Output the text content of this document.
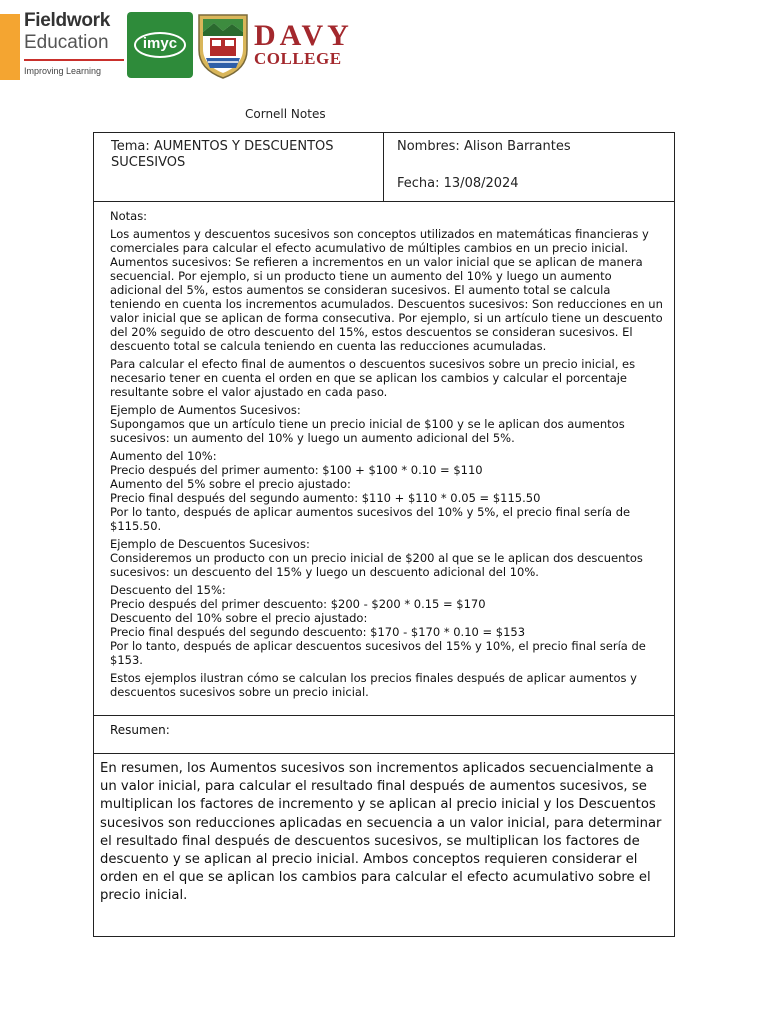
Fieldwork
Education
Improving Learning
imyc	DAVY
COLLEGE
Cornell Notes
Tema: AUMENTOS Y DESCUENTOS SUCESIVOS
Nombres: Alison Barrantes
Fecha: 13/08/2024
Notas:

Los aumentos y descuentos sucesivos son conceptos utilizados en matemáticas financieras y comerciales para calcular el efecto acumulativo de múltiples cambios en un precio inicial. Aumentos sucesivos: Se refieren a incrementos en un valor inicial que se aplican de manera secuencial. Por ejemplo, si un producto tiene un aumento del 10% y luego un aumento adicional del 5%, estos aumentos se consideran sucesivos. El aumento total se calcula teniendo en cuenta los incrementos acumulados. Descuentos sucesivos: Son reducciones en un valor inicial que se aplican de forma consecutiva. Por ejemplo, si un artículo tiene un descuento del 20% seguido de otro descuento del 15%, estos descuentos se consideran sucesivos. El descuento total se calcula teniendo en cuenta las reducciones acumuladas.

Para calcular el efecto final de aumentos o descuentos sucesivos sobre un precio inicial, es necesario tener en cuenta el orden en que se aplican los cambios y calcular el porcentaje resultante sobre el valor ajustado en cada paso.

Ejemplo de Aumentos Sucesivos:
Supongamos que un artículo tiene un precio inicial de $100 y se le aplican dos aumentos sucesivos: un aumento del 10% y luego un aumento adicional del 5%.

Aumento del 10%:
Precio después del primer aumento: $100 + $100 * 0.10 = $110
Aumento del 5% sobre el precio ajustado:
Precio final después del segundo aumento: $110 + $110 * 0.05 = $115.50
Por lo tanto, después de aplicar aumentos sucesivos del 10% y 5%, el precio final sería de $115.50.

Ejemplo de Descuentos Sucesivos:
Consideremos un producto con un precio inicial de $200 al que se le aplican dos descuentos sucesivos: un descuento del 15% y luego un descuento adicional del 10%.

Descuento del 15%:
Precio después del primer descuento: $200 - $200 * 0.15 = $170
Descuento del 10% sobre el precio ajustado:
Precio final después del segundo descuento: $170 - $170 * 0.10 = $153
Por lo tanto, después de aplicar descuentos sucesivos del 15% y 10%, el precio final sería de $153.

Estos ejemplos ilustran cómo se calculan los precios finales después de aplicar aumentos y descuentos sucesivos sobre un precio inicial.

Resumen:
En resumen, los Aumentos sucesivos son incrementos aplicados secuencialmente a un valor inicial, para calcular el resultado final después de aumentos sucesivos, se multiplican los factores de incremento y se aplican al precio inicial y los Descuentos sucesivos son reducciones aplicadas en secuencia a un valor inicial, para determinar el resultado final después de descuentos sucesivos, se multiplican los factores de descuento y se aplican al precio inicial. Ambos conceptos requieren considerar el orden en el que se aplican los cambios para calcular el efecto acumulativo sobre el precio inicial.
